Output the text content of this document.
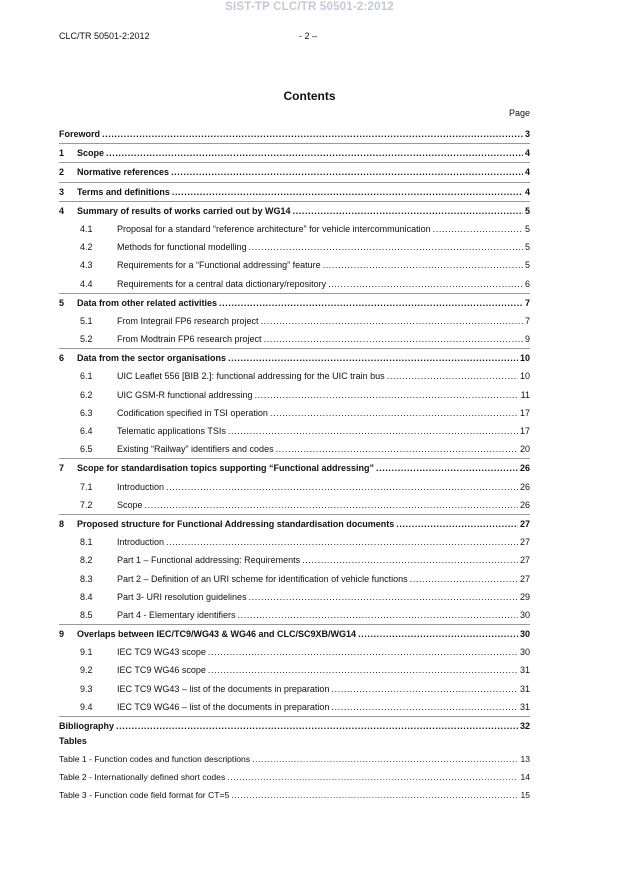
SIST-TP CLC/TR 50501-2:2012
CLC/TR 50501-2:2012	- 2 –
Contents
Page
Foreword .....	3
1	Scope .....	4
2	Normative references .....	4
3	Terms and definitions .....	4
4	Summary of results of works carried out by WG14 .....	5
4.1	Proposal for a standard “reference architecture” for vehicle intercommunication .....	5
4.2	Methods for functional modelling .....	5
4.3	Requirements for a “Functional addressing” feature .....	5
4.4	Requirements for a central data dictionary/repository .....	6
5	Data from other related activities .....	7
5.1	From Integrail FP6 research project .....	7
5.2	From Modtrain FP6 research project .....	9
6	Data from the sector organisations .....	10
6.1	UIC Leaflet 556 [BIB 2.]: functional addressing for the UIC train bus .....	10
6.2	UIC GSM-R functional addressing .....	11
6.3	Codification specified in TSI operation .....	17
6.4	Telematic applications TSIs .....	17
6.5	Existing “Railway” identifiers and codes .....	20
7	Scope for standardisation topics supporting “Functional addressing” .....	26
7.1	Introduction .....	26
7.2	Scope .....	26
8	Proposed structure for Functional Addressing standardisation documents .....	27
8.1	Introduction .....	27
8.2	Part 1 – Functional addressing: Requirements .....	27
8.3	Part 2 – Definition of an URI scheme for identification of vehicle functions .....	27
8.4	Part 3- URI resolution guidelines .....	29
8.5	Part 4 - Elementary identifiers .....	30
9	Overlaps between IEC/TC9/WG43 & WG46 and CLC/SC9XB/WG14 .....	30
9.1	IEC TC9 WG43 scope .....	30
9.2	IEC TC9 WG46 scope .....	31
9.3	IEC TC9 WG43 – list of the documents in preparation .....	31
9.4	IEC TC9 WG46 – list of the documents in preparation .....	31
Bibliography .....	32
Tables
Table 1 - Function codes and function descriptions .....	13
Table 2 - Internationally defined short codes .....	14
Table 3 - Function code field format for CT=5 .....	15
